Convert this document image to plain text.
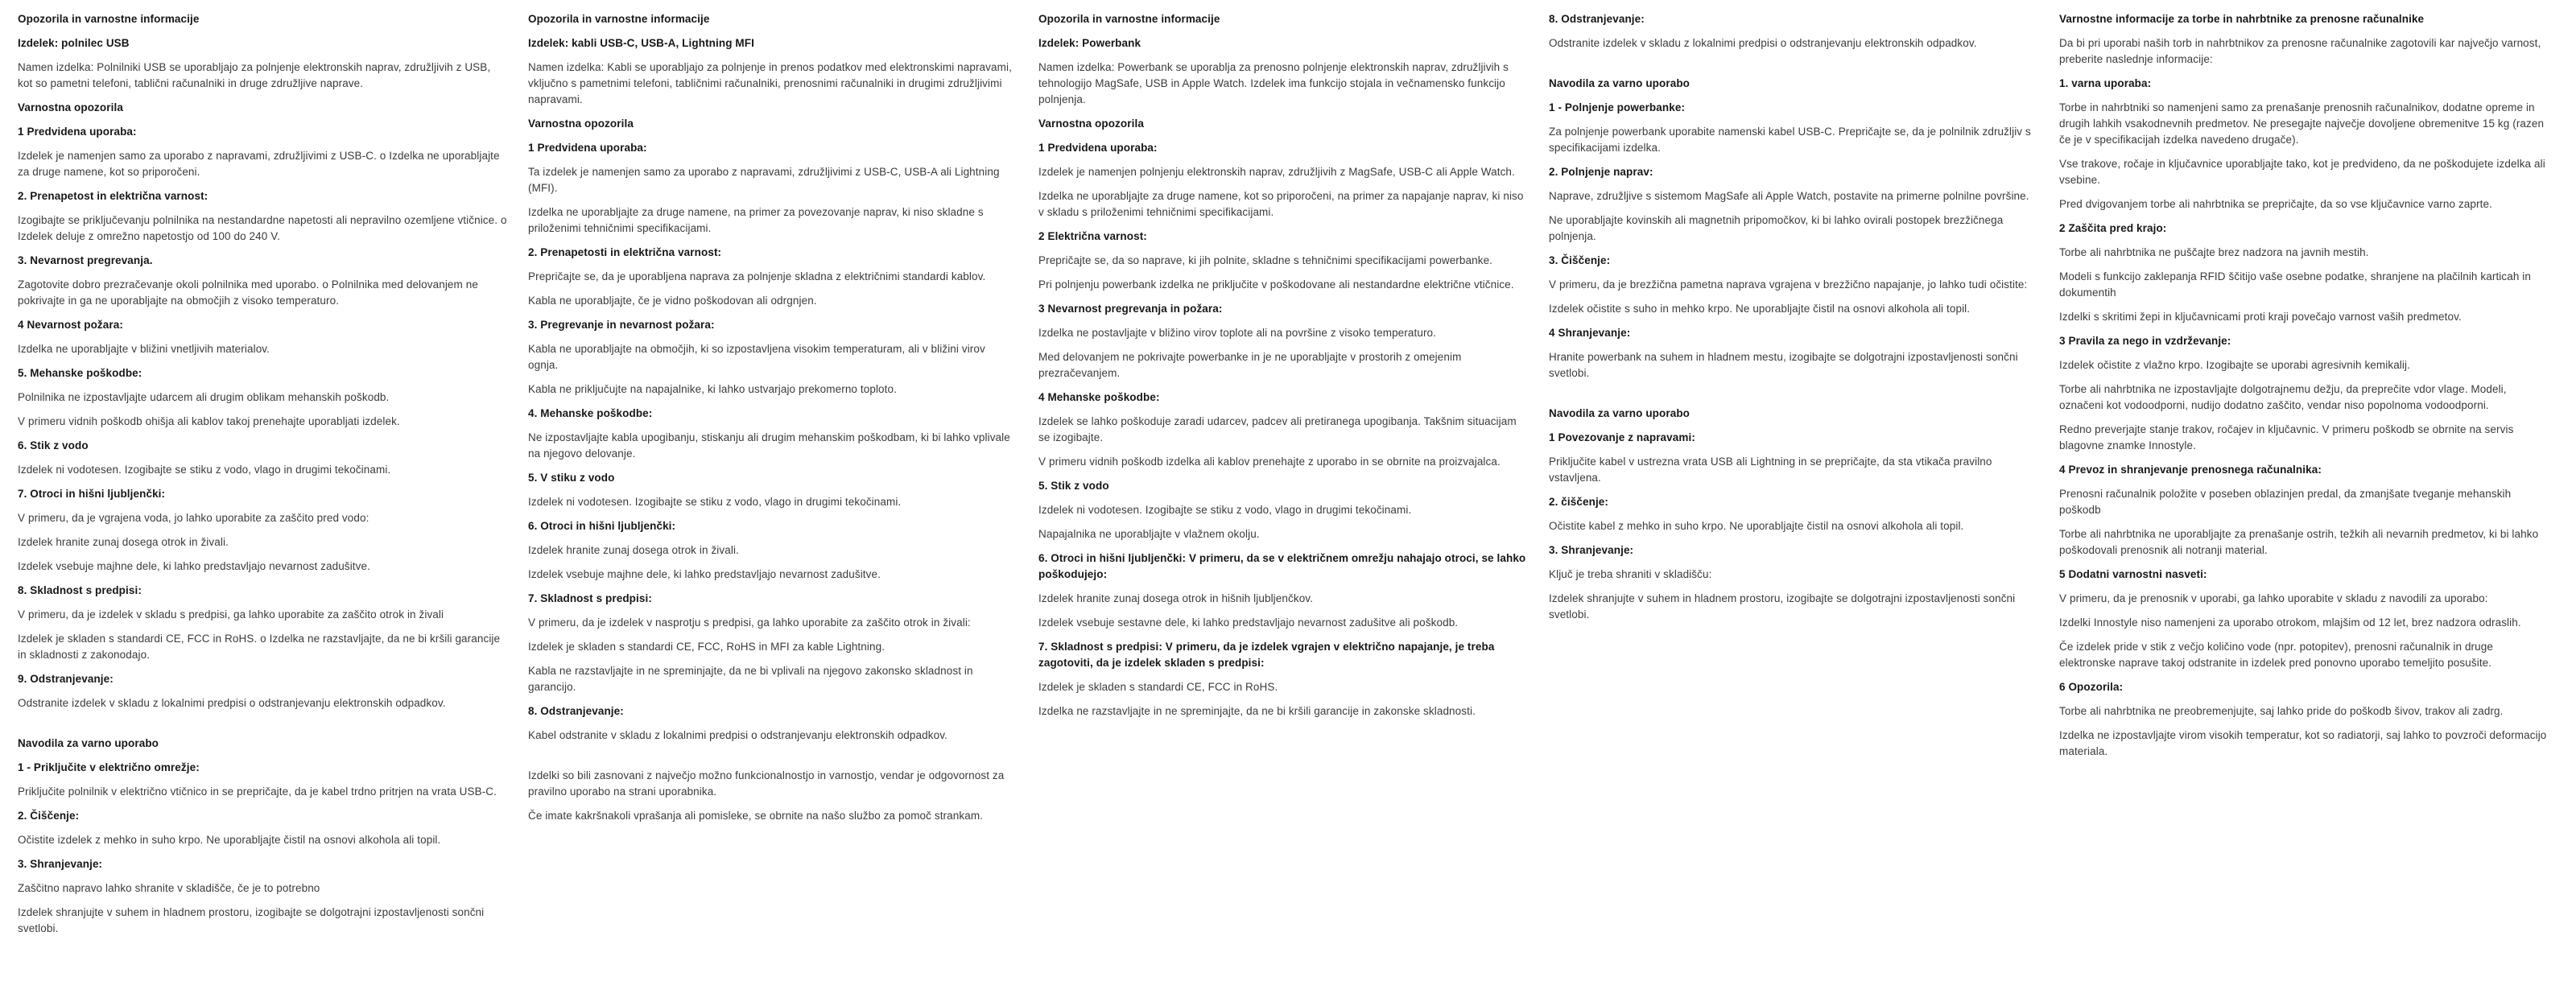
Opozorila in varnostne informacije
Izdelek: polnilec USB
Namen izdelka: Polnilniki USB se uporabljajo za polnjenje elektronskih naprav, združljivih z USB, kot so pametni telefoni, tablični računalniki in druge združljive naprave.
Varnostna opozorila
1 Predvidena uporaba:
Izdelek je namenjen samo za uporabo z napravami, združljivimi z USB-C. o Izdelka ne uporabljajte za druge namene, kot so priporočeni.
2. Prenapetost in električna varnost:
Izogibajte se priključevanju polnilnika na nestandardne napetosti ali nepravilno ozemljene vtičnice. o Izdelek deluje z omrežno napetostjo od 100 do 240 V.
3. Nevarnost pregrevanja.
Zagotovite dobro prezračevanje okoli polnilnika med uporabo. o Polnilnika med delovanjem ne pokrivajte in ga ne uporabljajte na območjih z visoko temperaturo.
4 Nevarnost požara:
Izdelka ne uporabljajte v bližini vnetljivih materialov.
5. Mehanske poškodbe:
Polnilnika ne izpostavljajte udarcem ali drugim oblikam mehanskih poškodb.
V primeru vidnih poškodb ohišja ali kablov takoj prenehajte uporabljati izdelek.
6. Stik z vodo
Izdelek ni vodotesen. Izogibajte se stiku z vodo, vlago in drugimi tekočinami.
7. Otroci in hišni ljubljenčki:
V primeru, da je vgrajena voda, jo lahko uporabite za zaščito pred vodo:
Izdelek hranite zunaj dosega otrok in živali.
Izdelek vsebuje majhne dele, ki lahko predstavljajo nevarnost zadušitve.
8. Skladnost s predpisi:
V primeru, da je izdelek v skladu s predpisi, ga lahko uporabite za zaščito otrok in živali
Izdelek je skladen s standardi CE, FCC in RoHS. o Izdelka ne razstavljajte, da ne bi kršili garancije in skladnosti z zakonodajo.
9. Odstranjevanje:
Odstranite izdelek v skladu z lokalnimi predpisi o odstranjevanju elektronskih odpadkov.
Navodila za varno uporabo
1 - Priključite v električno omrežje:
Priključite polnilnik v električno vtičnico in se prepričajte, da je kabel trdno pritrjen na vrata USB-C.
2. Čiščenje:
Očistite izdelek z mehko in suho krpo. Ne uporabljajte čistil na osnovi alkohola ali topil.
3. Shranjevanje:
Zaščitno napravo lahko shranite v skladišče, če je to potrebno
Izdelek shranjujte v suhem in hladnem prostoru, izogibajte se dolgotrajni izpostavljenosti sončni svetlobi.
Opozorila in varnostne informacije
Izdelek: kabli USB-C, USB-A, Lightning MFI
Namen izdelka: Kabli se uporabljajo za polnjenje in prenos podatkov med elektronskimi napravami, vključno s pametnimi telefoni, tabličnimi računalniki, prenosnimi računalniki in drugimi združljivimi napravami.
Varnostna opozorila
1 Predvidena uporaba:
Ta izdelek je namenjen samo za uporabo z napravami, združljivimi z USB-C, USB-A ali Lightning (MFI).
Izdelka ne uporabljajte za druge namene, na primer za povezovanje naprav, ki niso skladne s priloženimi tehničnimi specifikacijami.
2. Prenapetosti in električna varnost:
Prepričajte se, da je uporabljena naprava za polnjenje skladna z električnimi standardi kablov.
Kabla ne uporabljajte, če je vidno poškodovan ali odrgnjen.
3. Pregrevanje in nevarnost požara:
Kabla ne uporabljajte na območjih, ki so izpostavljena visokim temperaturam, ali v bližini virov ognja.
Kabla ne priključujte na napajalnike, ki lahko ustvarjajo prekomerno toploto.
4. Mehanske poškodbe:
Ne izpostavljajte kabla upogibanju, stiskanju ali drugim mehanskim poškodbam, ki bi lahko vplivale na njegovo delovanje.
5. V stiku z vodo
Izdelek ni vodotesen. Izogibajte se stiku z vodo, vlago in drugimi tekočinami.
6. Otroci in hišni ljubljenčki:
Izdelek hranite zunaj dosega otrok in živali.
Izdelek vsebuje majhne dele, ki lahko predstavljajo nevarnost zadušitve.
7. Skladnost s predpisi:
V primeru, da je izdelek v nasprotju s predpisi, ga lahko uporabite za zaščito otrok in živali:
Izdelek je skladen s standardi CE, FCC, RoHS in MFI za kable Lightning.
Kabla ne razstavljajte in ne spreminjajte, da ne bi vplivali na njegovo zakonsko skladnost in garancijo.
8. Odstranjevanje:
Kabel odstranite v skladu z lokalnimi predpisi o odstranjevanju elektronskih odpadkov.
Izdelki so bili zasnovani z največjo možno funkcionalnostjo in varnostjo, vendar je odgovornost za pravilno uporabo na strani uporabnika.
Če imate kakršnakoli vprašanja ali pomisleke, se obrnite na našo službo za pomoč strankam.
Opozorila in varnostne informacije
Izdelek: Powerbank
Namen izdelka: Powerbank se uporablja za prenosno polnjenje elektronskih naprav, združljivih s tehnologijo MagSafe, USB in Apple Watch. Izdelek ima funkcijo stojala in večnamensko funkcijo polnjenja.
Varnostna opozorila
1 Predvidena uporaba:
Izdelek je namenjen polnjenju elektronskih naprav, združljivih z MagSafe, USB-C ali Apple Watch.
Izdelka ne uporabljajte za druge namene, kot so priporočeni, na primer za napajanje naprav, ki niso v skladu s priloženimi tehničnimi specifikacijami.
2 Električna varnost:
Prepričajte se, da so naprave, ki jih polnite, skladne s tehničnimi specifikacijami powerbanke.
Pri polnjenju powerbank izdelka ne priključite v poškodovane ali nestandardne električne vtičnice.
3 Nevarnost pregrevanja in požara:
Izdelka ne postavljajte v bližino virov toplote ali na površine z visoko temperaturo.
Med delovanjem ne pokrivajte powerbanke in je ne uporabljajte v prostorih z omejenim prezračevanjem.
4 Mehanske poškodbe:
Izdelek se lahko poškoduje zaradi udarcev, padcev ali pretiranega upogibanja. Takšnim situacijam se izogibajte.
V primeru vidnih poškodb izdelka ali kablov prenehajte z uporabo in se obrnite na proizvajalca.
5. Stik z vodo
Izdelek ni vodotesen. Izogibajte se stiku z vodo, vlago in drugimi tekočinami.
Napajalnika ne uporabljajte v vlažnem okolju.
6. Otroci in hišni ljubljenčki: V primeru, da se v električnem omrežju nahajajo otroci, se lahko poškodujejo:
Izdelek hranite zunaj dosega otrok in hišnih ljubljenčkov.
Izdelek vsebuje sestavne dele, ki lahko predstavljajo nevarnost zadušitve ali poškodb.
7. Skladnost s predpisi: V primeru, da je izdelek vgrajen v električno napajanje, je treba zagotoviti, da je izdelek skladen s predpisi:
Izdelek je skladen s standardi CE, FCC in RoHS.
Izdelka ne razstavljajte in ne spreminjajte, da ne bi kršili garancije in zakonske skladnosti.
8. Odstranjevanje:
Odstranite izdelek v skladu z lokalnimi predpisi o odstranjevanju elektronskih odpadkov.
Navodila za varno uporabo
1 - Polnjenje powerbanke:
Za polnjenje powerbank uporabite namenski kabel USB-C. Prepričajte se, da je polnilnik združljiv s specifikacijami izdelka.
2. Polnjenje naprav:
Naprave, združljive s sistemom MagSafe ali Apple Watch, postavite na primerne polnilne površine.
Ne uporabljajte kovinskih ali magnetnih pripomočkov, ki bi lahko ovirali postopek brezžičnega polnjenja.
3. Čiščenje:
V primeru, da je brezžična pametna naprava vgrajena v brezžično napajanje, jo lahko tudi očistite:
Izdelek očistite s suho in mehko krpo. Ne uporabljajte čistil na osnovi alkohola ali topil.
4 Shranjevanje:
Hranite powerbank na suhem in hladnem mestu, izogibajte se dolgotrajni izpostavljenosti sončni svetlobi.
Navodila za varno uporabo
1 Povezovanje z napravami:
Priključite kabel v ustrezna vrata USB ali Lightning in se prepričajte, da sta vtikača pravilno vstavljena.
2. čiščenje:
Očistite kabel z mehko in suho krpo. Ne uporabljajte čistil na osnovi alkohola ali topil.
3. Shranjevanje:
Ključ je treba shraniti v skladišču:
Izdelek shranjujte v suhem in hladnem prostoru, izogibajte se dolgotrajni izpostavljenosti sončni svetlobi.
Varnostne informacije za torbe in nahrbtnike za prenosne računalnike
Da bi pri uporabi naših torb in nahrbtnikov za prenosne računalnike zagotovili kar največjo varnost, preberite naslednje informacije:
1. varna uporaba:
Torbe in nahrbtniki so namenjeni samo za prenašanje prenosnih računalnikov, dodatne opreme in drugih lahkih vsakodnevnih predmetov. Ne presegajte največje dovoljene obremenitve 15 kg (razen če je v specifikacijah izdelka navedeno drugače).
Vse trakove, ročaje in ključavnice uporabljajte tako, kot je predvideno, da ne poškodujete izdelka ali vsebine.
Pred dvigovanjem torbe ali nahrbtnika se prepričajte, da so vse ključavnice varno zaprte.
2 Zaščita pred krajo:
Torbe ali nahrbtnika ne puščajte brez nadzora na javnih mestih.
Modeli s funkcijo zaklepanja RFID ščitijo vaše osebne podatke, shranjene na plačilnih karticah in dokumentih
Izdelki s skritimi žepi in ključavnicami proti kraji povečajo varnost vaših predmetov.
3 Pravila za nego in vzdrževanje:
Izdelek očistite z vlažno krpo. Izogibajte se uporabi agresivnih kemikalij.
Torbe ali nahrbtnika ne izpostavljajte dolgotrajnemu dežju, da preprečite vdor vlage. Modeli, označeni kot vodoodporni, nudijo dodatno zaščito, vendar niso popolnoma vodoodporni.
Redno preverjajte stanje trakov, ročajev in ključavnic. V primeru poškodb se obrnite na servis blagovne znamke Innostyle.
4 Prevoz in shranjevanje prenosnega računalnika:
Prenosni računalnik položite v poseben oblazinjen predal, da zmanjšate tveganje mehanskih poškodb
Torbe ali nahrbtnika ne uporabljajte za prenašanje ostrih, težkih ali nevarnih predmetov, ki bi lahko poškodovali prenosnik ali notranji material.
5 Dodatni varnostni nasveti:
V primeru, da je prenosnik v uporabi, ga lahko uporabite v skladu z navodili za uporabo:
Izdelki Innostyle niso namenjeni za uporabo otrokom, mlajšim od 12 let, brez nadzora odraslih.
Če izdelek pride v stik z večjo količino vode (npr. potopitev), prenosni računalnik in druge elektronske naprave takoj odstranite in izdelek pred ponovno uporabo temeljito posušite.
6 Opozorila:
Torbe ali nahrbtnika ne preobremenjujte, saj lahko pride do poškodb šivov, trakov ali zadrg.
Izdelka ne izpostavljajte virom visokih temperatur, kot so radiatorji, saj lahko to povzroči deformacijo materiala.
